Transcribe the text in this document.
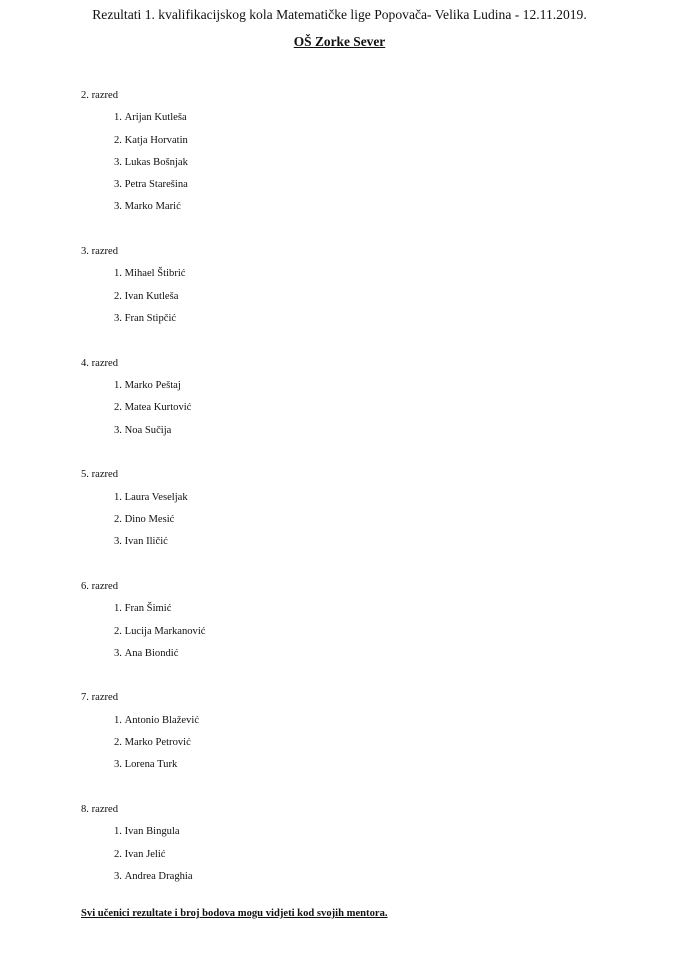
Rezultati 1. kvalifikacijskog kola Matematičke lige Popovača- Velika Ludina - 12.11.2019.
OŠ Zorke Sever
2. razred
1. Arijan Kutleša
2. Katja Horvatin
3. Lukas Bošnjak
3. Petra Starešina
3. Marko Marić
3. razred
1. Mihael Štibrić
2. Ivan Kutleša
3. Fran Stipčić
4. razred
1. Marko Peštaj
2. Matea Kurtović
3. Noa Sučija
5. razred
1. Laura Veseljak
2. Dino Mesić
3. Ivan Iličić
6. razred
1. Fran Šimić
2. Lucija Markanović
3. Ana Biondić
7. razred
1. Antonio Blažević
2. Marko Petrović
3. Lorena Turk
8. razred
1. Ivan Bingula
2. Ivan Jelić
3. Andrea Draghia
Svi učenici rezultate i broj bodova mogu vidjeti kod svojih mentora.
